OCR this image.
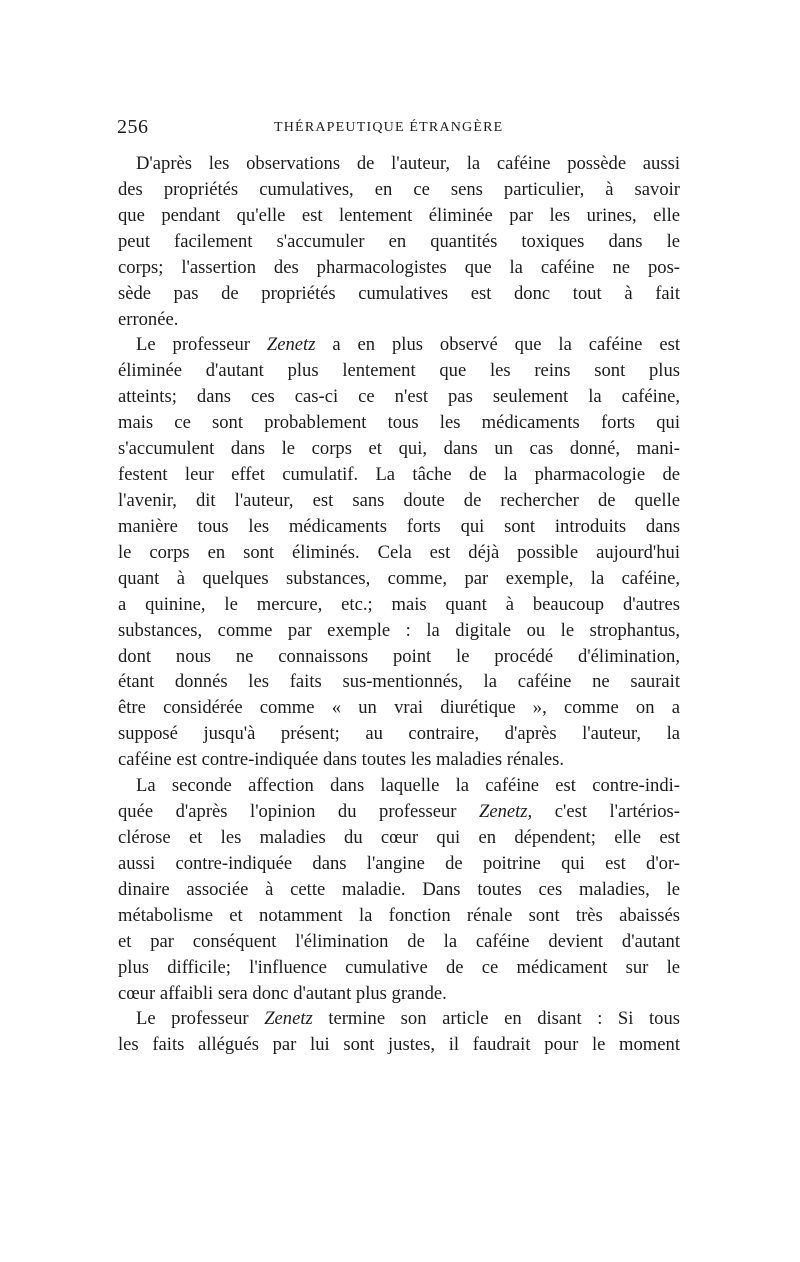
256	THÉRAPEUTIQUE ÉTRANGÈRE
D'après les observations de l'auteur, la caféine possède aussi
des propriétés cumulatives, en ce sens particulier, à savoir
que pendant qu'elle est lentement éliminée par les urines, elle
peut facilement s'accumuler en quantités toxiques dans le
corps; l'assertion des pharmacologistes que la caféine ne pos-
sède pas de propriétés cumulatives est donc tout à fait
erronée.
Le professeur Zenetz a en plus observé que la caféine est
éliminée d'autant plus lentement que les reins sont plus
atteints; dans ces cas-ci ce n'est pas seulement la caféine,
mais ce sont probablement tous les médicaments forts qui
s'accumulent dans le corps et qui, dans un cas donné, mani-
festent leur effet cumulatif. La tâche de la pharmacologie de
l'avenir, dit l'auteur, est sans doute de rechercher de quelle
manière tous les médicaments forts qui sont introduits dans
le corps en sont éliminés. Cela est déjà possible aujourd'hui
quant à quelques substances, comme, par exemple, la caféine,
a quinine, le mercure, etc.; mais quant à beaucoup d'autres
substances, comme par exemple : la digitale ou le strophantus,
dont nous ne connaissons point le procédé d'élimination,
étant donnés les faits sus-mentionnés, la caféine ne saurait
être considérée comme « un vrai diurétique », comme on a
supposé jusqu'à présent; au contraire, d'après l'auteur, la
caféine est contre-indiquée dans toutes les maladies rénales.
La seconde affection dans laquelle la caféine est contre-indi-
quée d'après l'opinion du professeur Zenetz, c'est l'artérios-
clérose et les maladies du cœur qui en dépendent; elle est
aussi contre-indiquée dans l'angine de poitrine qui est d'or-
dinaire associée à cette maladie. Dans toutes ces maladies, le
métabolisme et notamment la fonction rénale sont très abaissés
et par conséquent l'élimination de la caféine devient d'autant
plus difficile; l'influence cumulative de ce médicament sur le
cœur affaibli sera donc d'autant plus grande.
Le professeur Zenetz termine son article en disant : Si tous
les faits allégués par lui sont justes, il faudrait pour le moment
